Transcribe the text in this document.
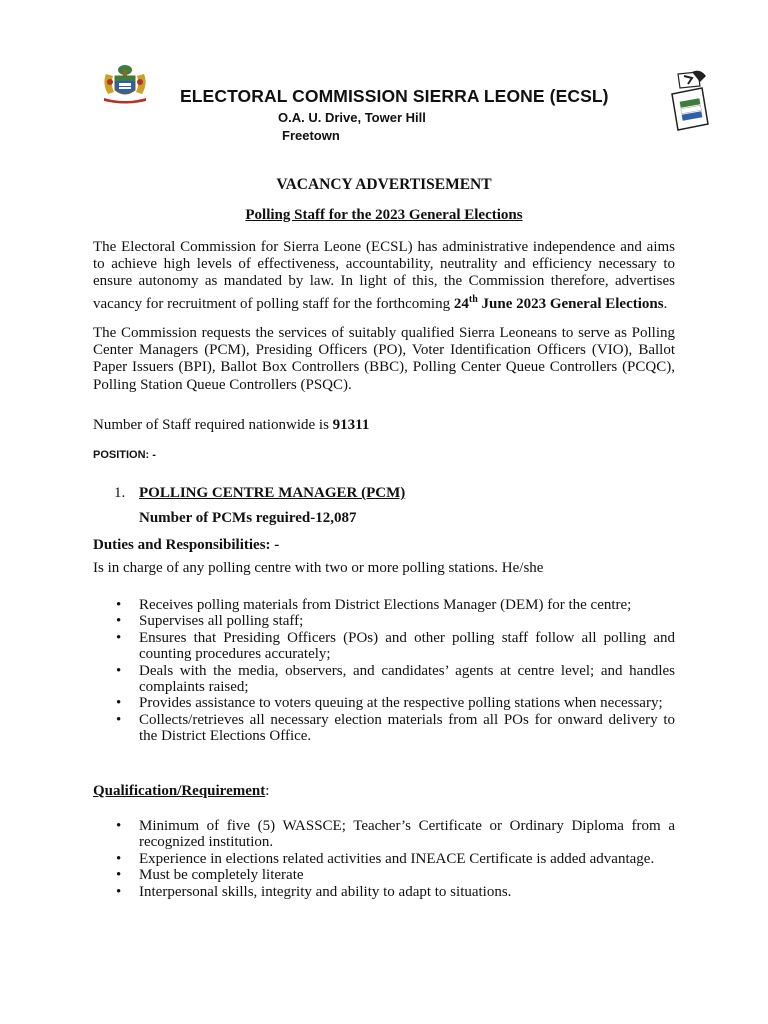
ELECTORAL COMMISSION SIERRA LEONE (ECSL)
O.A. U. Drive, Tower Hill
Freetown
VACANCY ADVERTISEMENT
Polling Staff for the 2023 General Elections
The Electoral Commission for Sierra Leone (ECSL) has administrative independence and aims to achieve high levels of effectiveness, accountability, neutrality and efficiency necessary to ensure autonomy as mandated by law. In light of this, the Commission therefore, advertises vacancy for recruitment of polling staff for the forthcoming 24th June 2023 General Elections.
The Commission requests the services of suitably qualified Sierra Leoneans to serve as Polling Center Managers (PCM), Presiding Officers (PO), Voter Identification Officers (VIO), Ballot Paper Issuers (BPI), Ballot Box Controllers (BBC), Polling Center Queue Controllers (PCQC), Polling Station Queue Controllers (PSQC).
Number of Staff required nationwide is 91311
POSITION: -
1. POLLING CENTRE MANAGER (PCM)
Number of PCMs reguired-12,087
Duties and Responsibilities: -
Is in charge of any polling centre with two or more polling stations. He/she
• Receives polling materials from District Elections Manager (DEM) for the centre;
• Supervises all polling staff;
• Ensures that Presiding Officers (POs) and other polling staff follow all polling and counting procedures accurately;
• Deals with the media, observers, and candidates’ agents at centre level; and handles complaints raised;
• Provides assistance to voters queuing at the respective polling stations when necessary;
• Collects/retrieves all necessary election materials from all POs for onward delivery to the District Elections Office.
Qualification/Requirement:
• Minimum of five (5) WASSCE; Teacher’s Certificate or Ordinary Diploma from a recognized institution.
• Experience in elections related activities and INEACE Certificate is added advantage.
• Must be completely literate
• Interpersonal skills, integrity and ability to adapt to situations.
